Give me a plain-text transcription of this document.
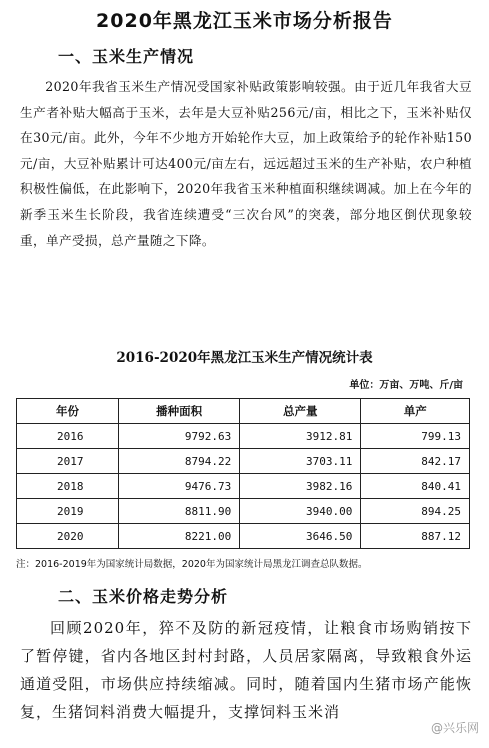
2020年黑龙江玉米市场分析报告
一、玉米生产情况
2020年我省玉米生产情况受国家补贴政策影响较强。由于近几年我省大豆生产者补贴大幅高于玉米，去年是大豆补贴256元/亩，相比之下，玉米补贴仅在30元/亩。此外，今年不少地方开始轮作大豆，加上政策给予的轮作补贴150元/亩，大豆补贴累计可达400元/亩左右，远远超过玉米的生产补贴，农户种植积极性偏低，在此影响下，2020年我省玉米种植面积继续调减。加上在今年的新季玉米生长阶段，我省连续遭受“三次台风”的突袭，部分地区倒伏现象较重，单产受损，总产量随之下降。
2016-2020年黑龙江玉米生产情况统计表
单位：万亩、万吨、斤/亩
年份	播种面积	总产量	单产
2016	9792.63	3912.81	799.13
2017	8794.22	3703.11	842.17
2018	9476.73	3982.16	840.41
2019	8811.90	3940.00	894.25
2020	8221.00	3646.50	887.12
注：2016-2019年为国家统计局数据，2020年为国家统计局黑龙江调查总队数据。
二、玉米价格走势分析
回顾2020年，猝不及防的新冠疫情，让粮食市场购销按下了暂停键，省内各地区封村封路，人员居家隔离，导致粮食外运通道受阻，市场供应持续缩减。同时，随着国内生猪市场产能恢复，生猪饲料消费大幅提升，支撑饲料玉米消
@兴乐网
